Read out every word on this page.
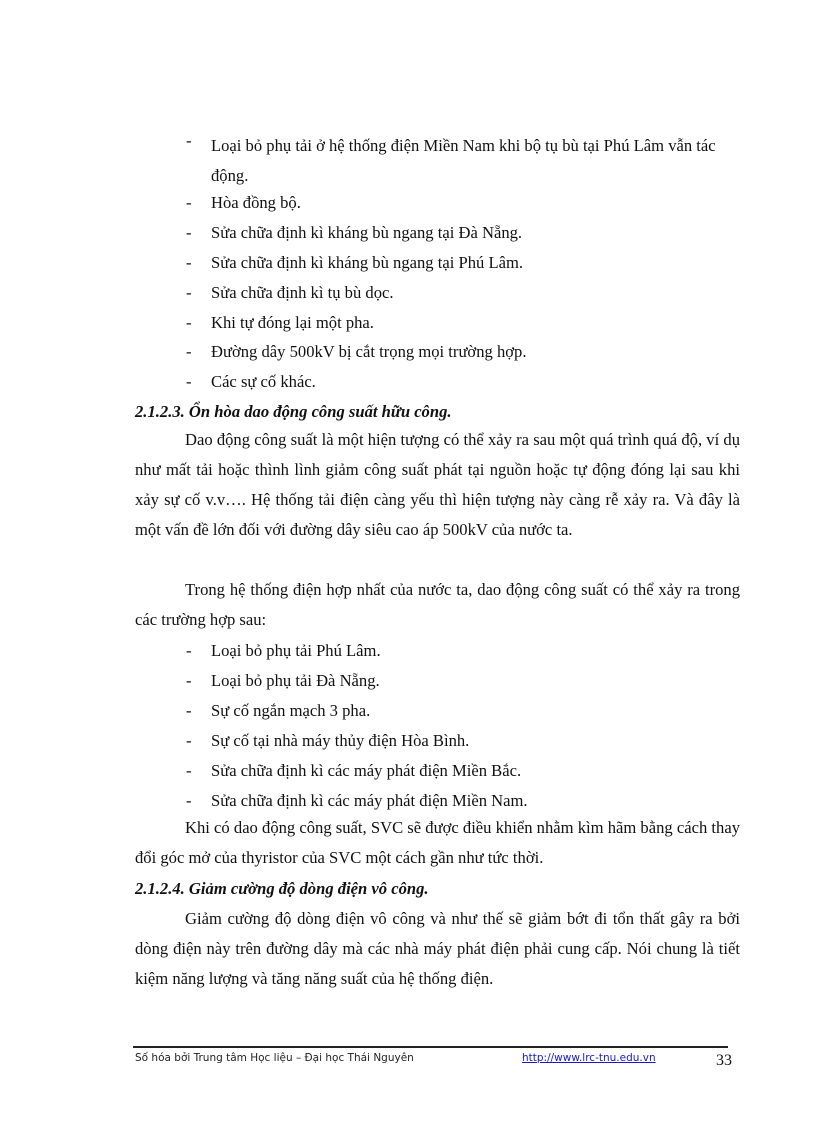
- Loại bỏ phụ tải ở hệ thống điện Miền Nam khi bộ tụ bù tại Phú Lâm vẫn tác động.
- Hòa đồng bộ.
- Sửa chữa định kì kháng bù ngang tại Đà Nẵng.
- Sửa chữa định kì kháng bù ngang tại Phú Lâm.
- Sửa chữa định kì tụ bù dọc.
- Khi tự đóng lại một pha.
- Đường dây 500kV bị cắt trọng mọi trường hợp.
- Các sự cố khác.
2.1.2.3. Ổn hòa dao động công suất hữu công.
Dao động công suất là một hiện tượng có thể xảy ra sau một quá trình quá độ, ví dụ như mất tải hoặc thình lình giảm công suất phát tại nguồn hoặc tự động đóng lại sau khi xảy sự cố v.v…. Hệ thống tải điện càng yếu thì hiện tượng này càng rễ xảy ra. Và đây là một vấn đề lớn đối với đường dây siêu cao áp 500kV của nước ta.
Trong hệ thống điện hợp nhất của nước ta, dao động công suất có thể xảy ra trong các trường hợp sau:
- Loại bỏ phụ tải Phú Lâm.
- Loại bỏ phụ tải Đà Nẵng.
- Sự cố ngắn mạch 3 pha.
- Sự cố tại nhà máy thủy điện Hòa Bình.
- Sửa chữa định kì các máy phát điện Miền Bắc.
- Sửa chữa định kì các máy phát điện Miền Nam.
Khi có dao động công suất, SVC sẽ được điều khiển nhằm kìm hãm bằng cách thay đổi góc mở của thyristor của SVC một cách gần như tức thời.
2.1.2.4. Giảm cường độ dòng điện vô công.
Giảm cường độ dòng điện vô công và như thế sẽ giảm bớt đi tổn thất gây ra bởi dòng điện này trên đường dây mà các nhà máy phát điện phải cung cấp. Nói chung là tiết kiệm năng lượng và tăng năng suất của hệ thống điện.
Số hóa bởi Trung tâm Học liệu – Đại học Thái Nguyên	http://www.lrc-tnu.edu.vn	33
